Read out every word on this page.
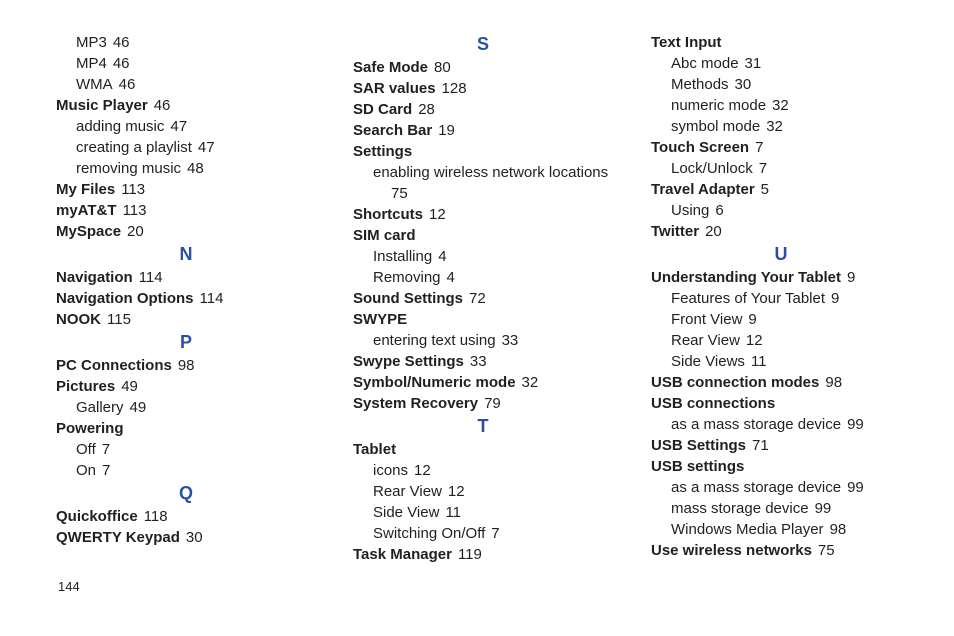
MP3 46
MP4 46
WMA 46
Music Player 46
adding music 47
creating a playlist 47
removing music 48
My Files 113
myAT&T 113
MySpace 20
N
Navigation 114
Navigation Options 114
NOOK 115
P
PC Connections 98
Pictures 49
Gallery 49
Powering
Off 7
On 7
Q
Quickoffice 118
QWERTY Keypad 30
S
Safe Mode 80
SAR values 128
SD Card 28
Search Bar 19
Settings
enabling wireless network locations
75
Shortcuts 12
SIM card
Installing 4
Removing 4
Sound Settings 72
SWYPE
entering text using 33
Swype Settings 33
Symbol/Numeric mode 32
System Recovery 79
T
Tablet
icons 12
Rear View 12
Side View 11
Switching On/Off 7
Task Manager 119
Text Input
Abc mode 31
Methods 30
numeric mode 32
symbol mode 32
Touch Screen 7
Lock/Unlock 7
Travel Adapter 5
Using 6
Twitter 20
U
Understanding Your Tablet 9
Features of Your Tablet 9
Front View 9
Rear View 12
Side Views 11
USB connection modes 98
USB connections
as a mass storage device 99
USB Settings 71
USB settings
as a mass storage device 99
mass storage device 99
Windows Media Player 98
Use wireless networks 75
144
